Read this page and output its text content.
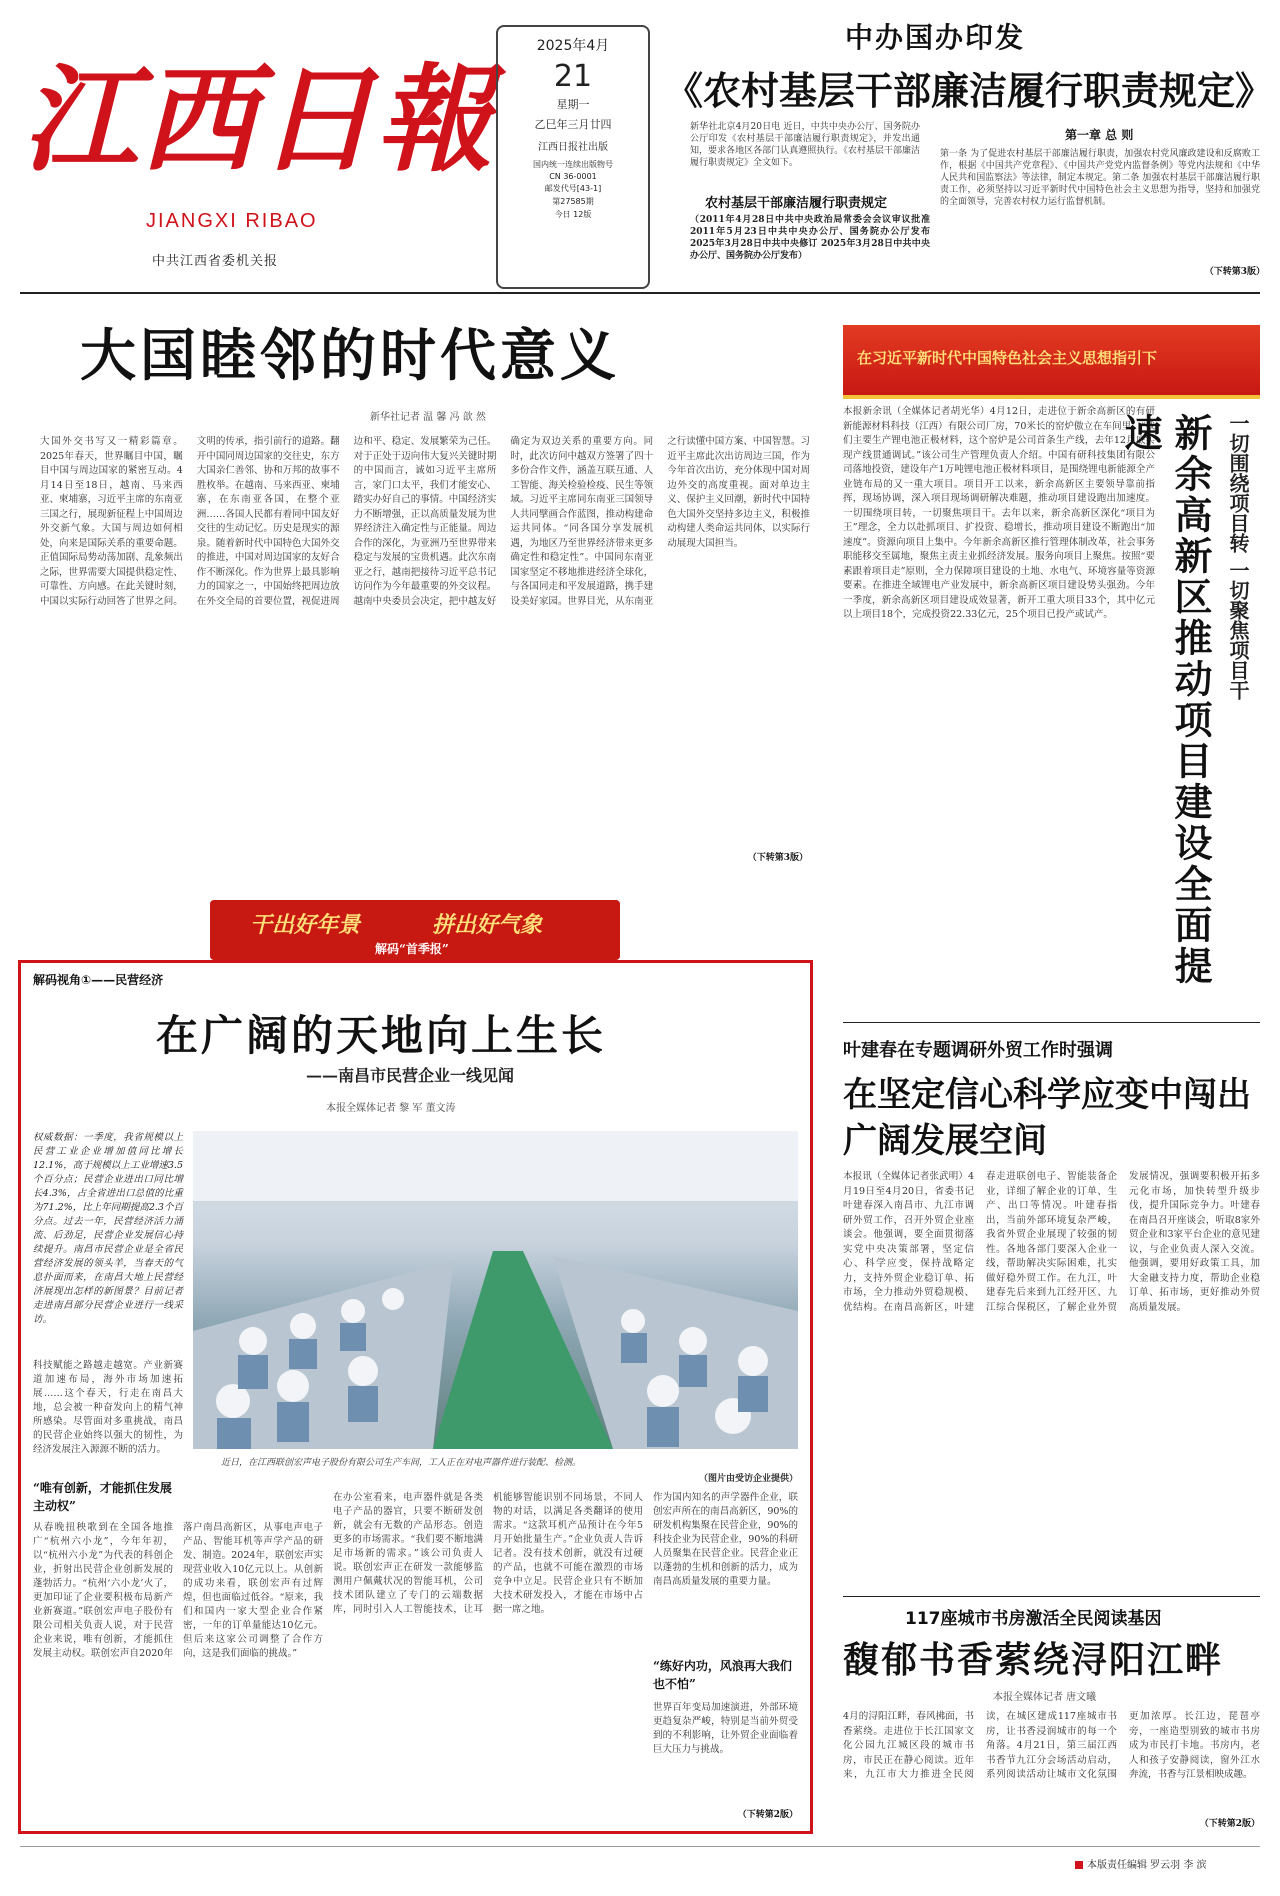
江西日報
JIANGXI RIBAO
中共江西省委机关报
2025年4月
21
星期一
乙巳年三月廿四
江西日报社出版
国内统一连续出版物号
CN 36-0001
邮发代号[43-1]
第27585期
今日 12版
中办国办印发
《农村基层干部廉洁履行职责规定》
新华社北京4月20日电 近日，中共中央办公厅、国务院办公厅印发《农村基层干部廉洁履行职责规定》，并发出通知，要求各地区各部门认真遵照执行。《农村基层干部廉洁履行职责规定》全文如下。
农村基层干部廉洁履行职责规定
（2011年4月28日中共中央政治局常委会会议审议批准 2011年5月23日中共中央办公厅、国务院办公厅发布 2025年3月28日中共中央修订 2025年3月28日中共中央办公厅、国务院办公厅发布）
第一章 总 则
第一条 为了促进农村基层干部廉洁履行职责，加强农村党风廉政建设和反腐败工作，根据《中国共产党章程》、《中国共产党党内监督条例》等党内法规和《中华人民共和国监察法》等法律，制定本规定。第二条 加强农村基层干部廉洁履行职责工作，必须坚持以习近平新时代中国特色社会主义思想为指导，坚持和加强党的全面领导，完善农村权力运行监督机制。
（下转第3版）
大国睦邻的时代意义
新华社记者 温 馨 冯 歆 然
大国外交书写又一精彩篇章。2025年春天，世界瞩目中国，瞩目中国与周边国家的紧密互动。4月14日至18日，越南、马来西亚、柬埔寨，习近平主席的东南亚三国之行，展现新征程上中国周边外交新气象。大国与周边如何相处，向来是国际关系的重要命题。正值国际局势动荡加剧、乱象频出之际，世界需要大国提供稳定性、可靠性、方向感。在此关键时刻，中国以实际行动回答了世界之问。文明的传承，指引前行的道路。翻开中国同周边国家的交往史，东方大国亲仁善邻、协和万邦的故事不胜枚举。在越南、马来西亚、柬埔寨，在东南亚各国，在整个亚洲……各国人民都有着同中国友好交往的生动记忆。历史是现实的源泉。随着新时代中国特色大国外交的推进，中国对周边国家的友好合作不断深化。作为世界上最具影响力的国家之一，中国始终把周边放在外交全局的首要位置，视促进周边和平、稳定、发展繁荣为己任。对于正处于迈向伟大复兴关键时期的中国而言，诚如习近平主席所言，家门口太平，我们才能安心、踏实办好自己的事情。中国经济实力不断增强，正以高质量发展为世界经济注入确定性与正能量。周边合作的深化，为亚洲乃至世界带来稳定与发展的宝贵机遇。此次东南亚之行，越南把接待习近平总书记访问作为今年最重要的外交议程。越南中央委员会决定，把中越友好确定为双边关系的重要方向。同时，此次访问中越双方签署了四十多份合作文件，涵盖互联互通、人工智能、海关检验检疫、民生等领域。习近平主席同东南亚三国领导人共同擘画合作蓝图，推动构建命运共同体。“同各国分享发展机遇，为地区乃至世界经济带来更多确定性和稳定性”。中国同东南亚国家坚定不移地推进经济全球化，与各国同走和平发展道路，携手建设美好家园。世界目光，从东南亚之行读懂中国方案、中国智慧。习近平主席此次出访周边三国，作为今年首次出访，充分体现中国对周边外交的高度重视。面对单边主义、保护主义回潮，新时代中国特色大国外交坚持多边主义，积极推动构建人类命运共同体，以实际行动展现大国担当。
（下转第3版）
在习近平新时代中国特色社会主义思想指引下
本报新余讯（全媒体记者胡光华）4月12日，走进位于新余高新区的有研新能源材料科技（江西）有限公司厂房，70米长的窑炉傲立在车间里。“我们主要生产锂电池正极材料，这个窑炉是公司首条生产线，去年12月底实现产线贯通调试。”该公司生产管理负责人介绍。中国有研科技集团有限公司落地投资，建设年产1万吨锂电池正极材料项目，是围绕锂电新能源全产业链布局的又一重大项目。项目开工以来，新余高新区主要领导靠前指挥，现场协调，深入项目现场调研解决难题，推动项目建设跑出加速度。一切围绕项目转，一切聚焦项目干。去年以来，新余高新区深化“项目为王”理念，全力以赴抓项目、扩投资、稳增长，推动项目建设不断跑出“加速度”。资源向项目上集中。今年新余高新区推行管理体制改革，社会事务职能移交至属地，聚焦主责主业抓经济发展。服务向项目上聚焦。按照“要素跟着项目走”原则，全力保障项目建设的土地、水电气、环境容量等资源要素。在推进全域锂电产业发展中，新余高新区项目建设势头强劲。今年一季度，新余高新区项目建设成效显著，新开工重大项目33个，其中亿元以上项目18个，完成投资22.33亿元，25个项目已投产或试产。	新余高新区推动项目建设全面提速	一切围绕项目转 一切聚焦项目干
干出好年景	拼出好气象
解码“首季报”
解码视角①——民营经济
在广阔的天地向上生长
——南昌市民营企业一线见闻
本报全媒体记者 黎 军 董文涛
权威数据：一季度，我省规模以上民营工业企业增加值同比增长12.1%，高于规模以上工业增速3.5个百分点；民营企业进出口同比增长4.3%，占全省进出口总值的比重为71.2%，比上年同期提高2.3个百分点。过去一年，民营经济活力涌流、后劲足，民营企业发展信心持续提升。南昌市民营企业是全省民营经济发展的领头羊，当春天的气息扑面而来，在南昌大地上民营经济展现出怎样的新图景？目前记者走进南昌部分民营企业进行一线采访。
近日，在江西联创宏声电子股份有限公司生产车间，工人正在对电声器件进行装配、检测。
（图片由受访企业提供）
科技赋能之路越走越宽。产业新赛道加速布局，海外市场加速拓展……这个春天，行走在南昌大地，总会被一种奋发向上的精气神所感染。尽管面对多重挑战，南昌的民营企业始终以强大的韧性，为经济发展注入源源不断的活力。
“唯有创新，才能抓住发展主动权”
从春晚扭秧歌到在全国各地推广“杭州六小龙”，今年年初，以“杭州六小龙”为代表的科创企业，折射出民营企业创新发展的蓬勃活力。“杭州‘六小龙’火了，更加印证了企业要积极布局新产业新赛道。”联创宏声电子股份有限公司相关负责人说，对于民营企业来说，唯有创新，才能抓住发展主动权。联创宏声自2020年落户南昌高新区，从事电声电子产品、智能耳机等声学产品的研发、制造。2024年，联创宏声实现营业收入10亿元以上。从创新的成功来看，联创宏声有过辉煌，但也面临过低谷。“原来，我们和国内一家大型企业合作紧密，一年的订单量能达10亿元。但后来这家公司调整了合作方向，这是我们面临的挑战。”
在办公室看来，电声器件就是各类电子产品的器官，只要不断研发创新，就会有无数的产品形态。创造更多的市场需求。“我们要不断地满足市场新的需求。”该公司负责人说。联创宏声正在研发一款能够监测用户佩戴状况的智能耳机，公司技术团队建立了专门的云端数据库，同时引入人工智能技术，让耳机能够智能识别不同场景，不同人物的对话，以满足各类翻译的使用需求。“这款耳机产品预计在今年5月开始批量生产。”企业负责人告诉记者。没有技术创新，就没有过硬的产品，也就不可能在激烈的市场竞争中立足。民营企业只有不断加大技术研发投入，才能在市场中占据一席之地。
作为国内知名的声学器件企业，联创宏声所在的南昌高新区，90%的研发机构集聚在民营企业，90%的科技企业为民营企业，90%的科研人员聚集在民营企业。民营企业正以蓬勃的生机和创新的活力，成为南昌高质量发展的重要力量。
“练好内功，风浪再大我们也不怕”
世界百年变局加速演进，外部环境更趋复杂严峻，特别是当前外贸受到的不利影响，让外贸企业面临着巨大压力与挑战。
（下转第2版）
叶建春在专题调研外贸工作时强调
在坚定信心科学应变中闯出广阔发展空间
本报讯（全媒体记者张武明）4月19日至4月20日，省委书记叶建春深入南昌市、九江市调研外贸工作，召开外贸企业座谈会。他强调，要全面贯彻落实党中央决策部署，坚定信心、科学应变，保持战略定力，支持外贸企业稳订单、拓市场，全力推动外贸稳规模、优结构。在南昌高新区，叶建春走进联创电子、智能装备企业，详细了解企业的订单、生产、出口等情况。叶建春指出，当前外部环境复杂严峻，我省外贸企业展现了较强的韧性。各地各部门要深入企业一线，帮助解决实际困难，扎实做好稳外贸工作。在九江，叶建春先后来到九江经开区、九江综合保税区，了解企业外贸发展情况，强调要积极开拓多元化市场，加快转型升级步伐，提升国际竞争力。叶建春在南昌召开座谈会，听取8家外贸企业和3家平台企业的意见建议，与企业负责人深入交流。他强调，要用好政策工具，加大金融支持力度，帮助企业稳订单、拓市场，更好推动外贸高质量发展。
117座城市书房激活全民阅读基因
馥郁书香萦绕浔阳江畔
本报全媒体记者 唐文曦
4月的浔阳江畔，春风拂面，书香萦绕。走进位于长江国家文化公园九江城区段的城市书房，市民正在静心阅读。近年来，九江市大力推进全民阅读，在城区建成117座城市书房，让书香浸润城市的每一个角落。4月21日，第三届江西书香节九江分会场活动启动，系列阅读活动让城市文化氛围更加浓厚。长江边，琵琶亭旁，一座造型别致的城市书房成为市民打卡地。书房内，老人和孩子安静阅读，窗外江水奔流，书香与江景相映成趣。
（下转第2版）
本版责任编辑 罗云羽 李 滨
